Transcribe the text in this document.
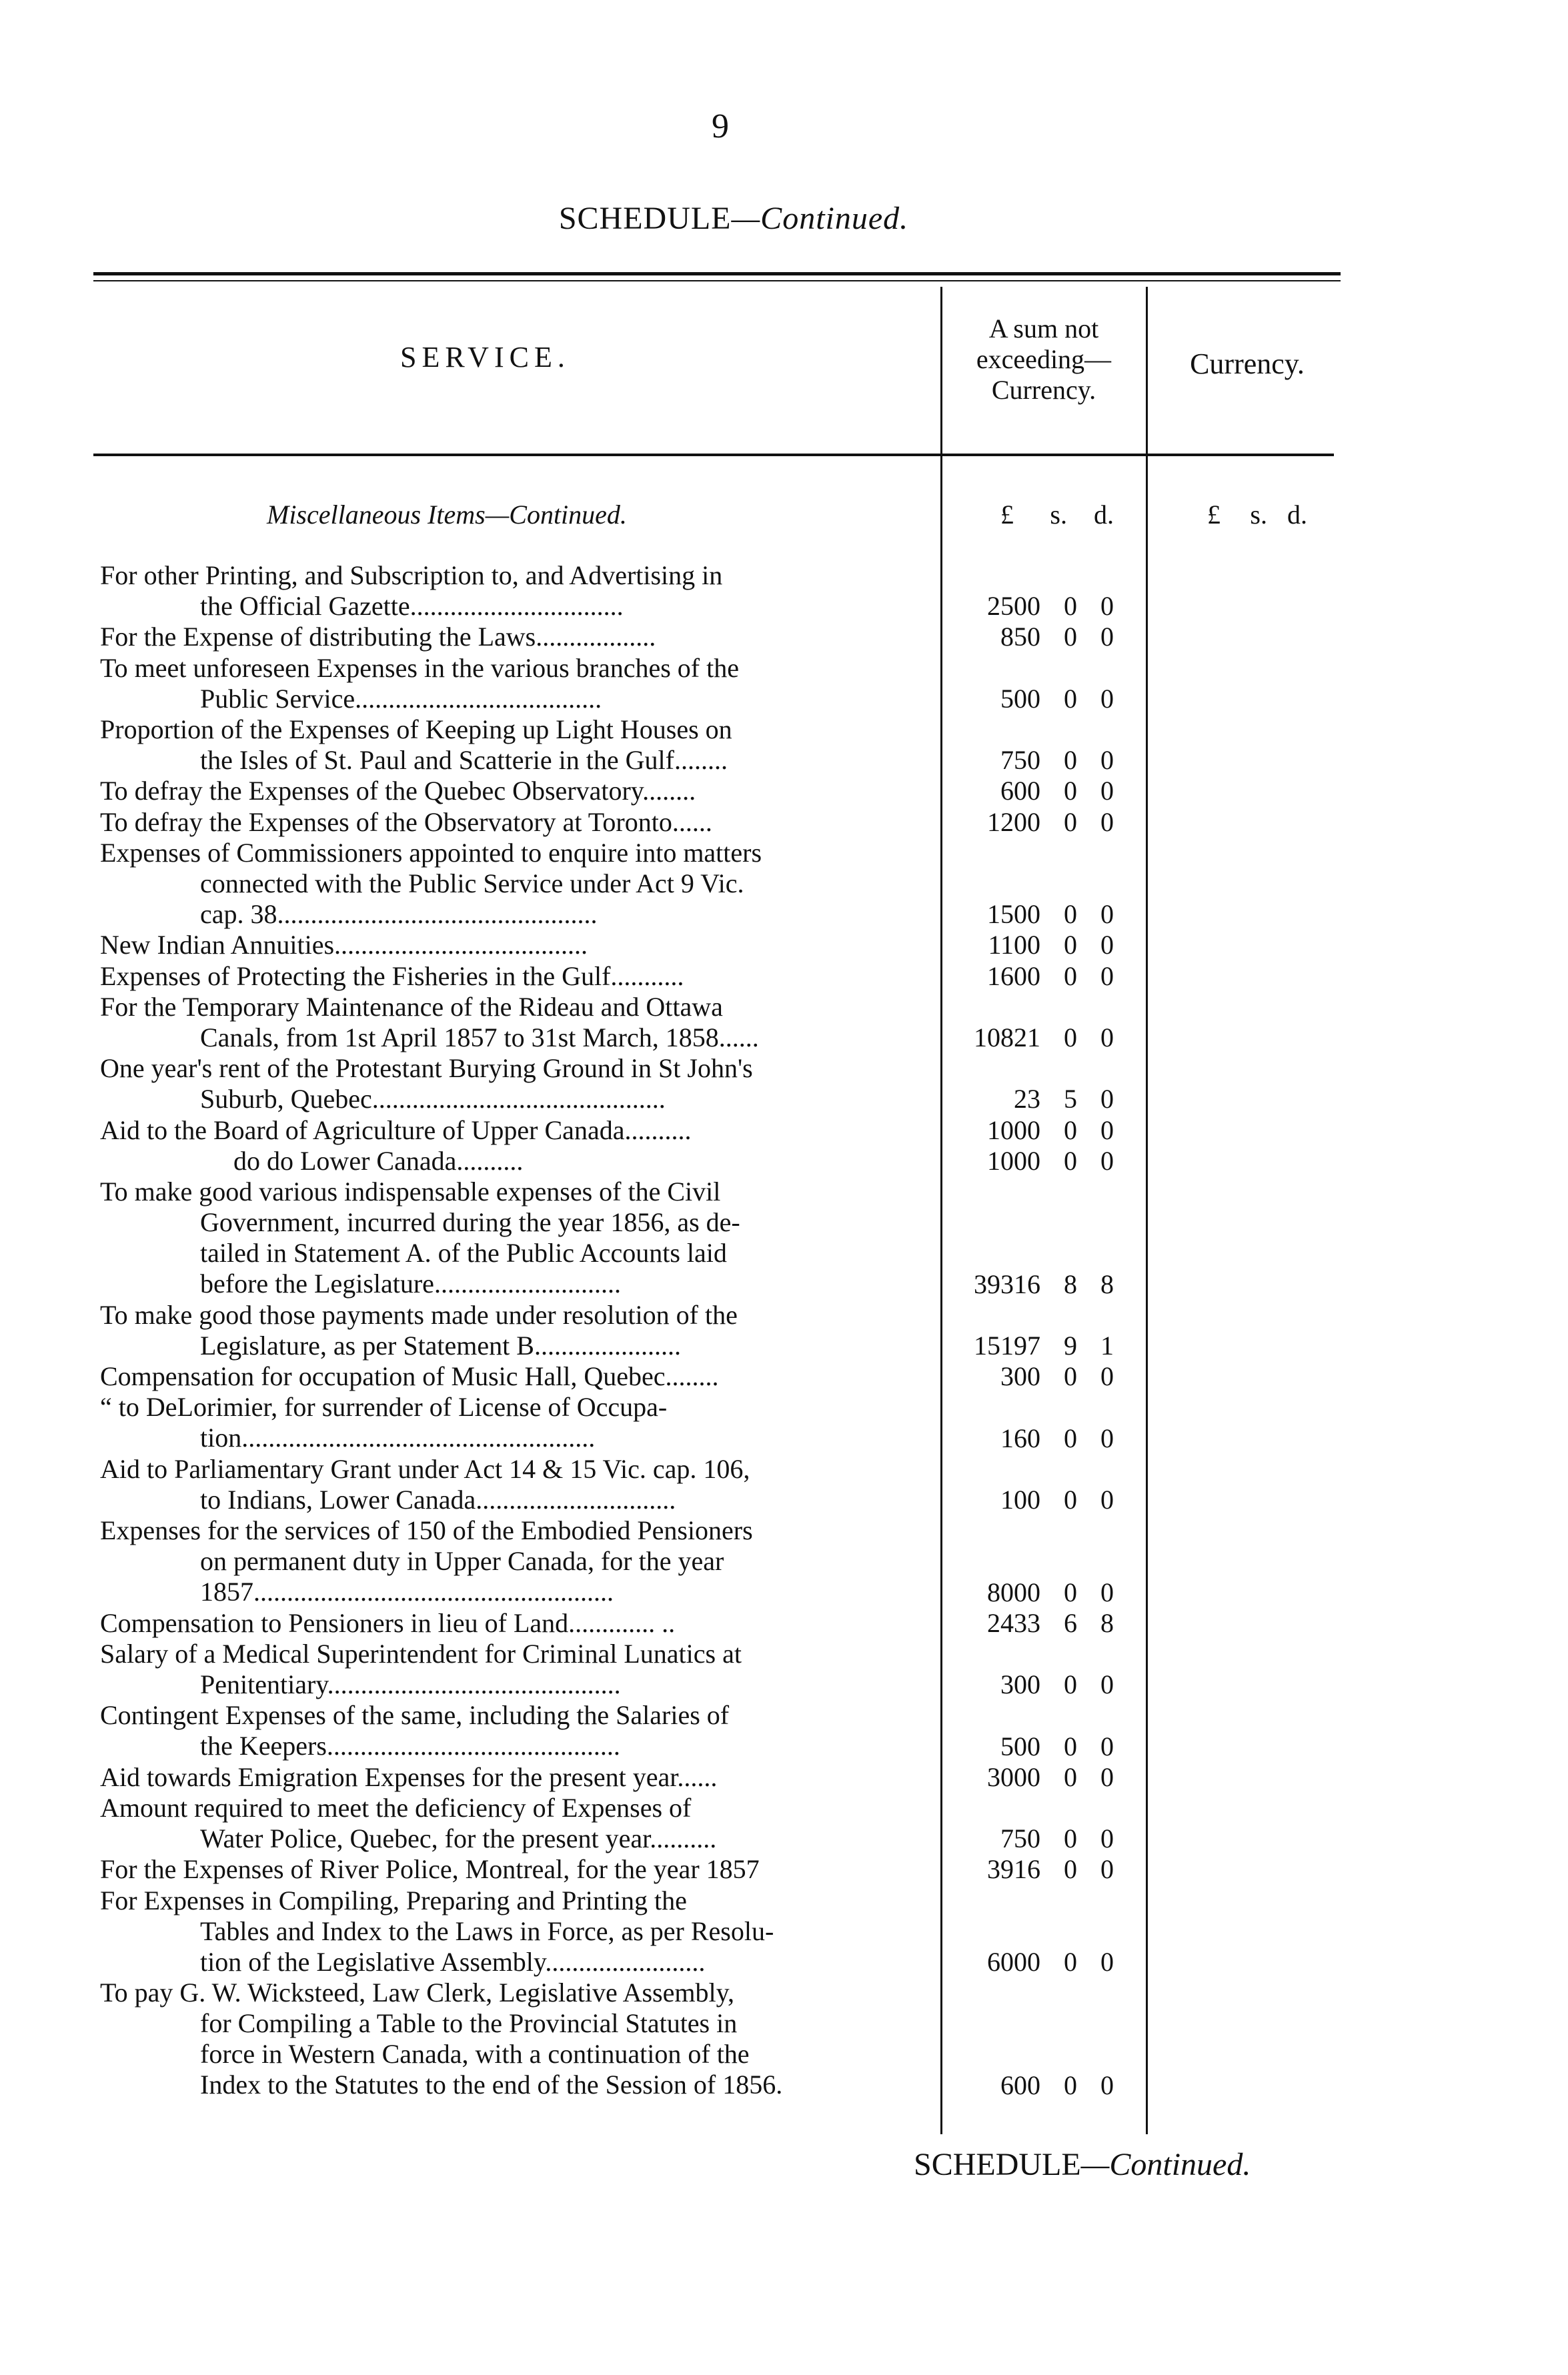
9
SCHEDULE—Continued.
SERVICE.
A sum not
exceeding—
Currency.
Currency.
Miscellaneous Items—Continued.	£ s. d.	£ s. d.
For other Printing, and Subscription to, and Advertising in
the Official Gazette................................	2500 0 0
For the Expense of distributing the Laws..................	850 0 0
To meet unforeseen Expenses in the various branches of the
Public Service.....................................	500 0 0
Proportion of the Expenses of Keeping up Light Houses on
the Isles of St. Paul and Scatterie in the Gulf........	750 0 0
To defray the Expenses of the Quebec Observatory........	600 0 0
To defray the Expenses of the Observatory at Toronto......	1200 0 0
Expenses of Commissioners appointed to enquire into matters
connected with the Public Service under Act 9 Vic.
cap. 38................................................	1500 0 0
New Indian Annuities......................................	1100 0 0
Expenses of Protecting the Fisheries in the Gulf...........	1600 0 0
For the Temporary Maintenance of the Rideau and Ottawa
Canals, from 1st April 1857 to 31st March, 1858......	10821 0 0
One year's rent of the Protestant Burying Ground in St John's
Suburb, Quebec............................................	23 5 0
Aid to the Board of Agriculture of Upper Canada..........	1000 0 0
do do Lower Canada..........	1000 0 0
To make good various indispensable expenses of the Civil
Government, incurred during the year 1856, as de-
tailed in Statement A. of the Public Accounts laid
before the Legislature............................	39316 8 8
To make good those payments made under resolution of the
Legislature, as per Statement B......................	15197 9 1
Compensation for occupation of Music Hall, Quebec........	300 0 0
“ to DeLorimier, for surrender of License of Occupa-
tion.....................................................	160 0 0
Aid to Parliamentary Grant under Act 14 & 15 Vic. cap. 106,
to Indians, Lower Canada..............................	100 0 0
Expenses for the services of 150 of the Embodied Pensioners
on permanent duty in Upper Canada, for the year
1857......................................................	8000 0 0
Compensation to Pensioners in lieu of Land............. ..	2433 6 8
Salary of a Medical Superintendent for Criminal Lunatics at
Penitentiary............................................	300 0 0
Contingent Expenses of the same, including the Salaries of
the Keepers............................................	500 0 0
Aid towards Emigration Expenses for the present year......	3000 0 0
Amount required to meet the deficiency of Expenses of
Water Police, Quebec, for the present year..........	750 0 0
For the Expenses of River Police, Montreal, for the year 1857	3916 0 0
For Expenses in Compiling, Preparing and Printing the
Tables and Index to the Laws in Force, as per Resolu-
tion of the Legislative Assembly........................	6000 0 0
To pay G. W. Wicksteed, Law Clerk, Legislative Assembly,
for Compiling a Table to the Provincial Statutes in
force in Western Canada, with a continuation of the
Index to the Statutes to the end of the Session of 1856.	600 0 0
SCHEDULE—Continued.
